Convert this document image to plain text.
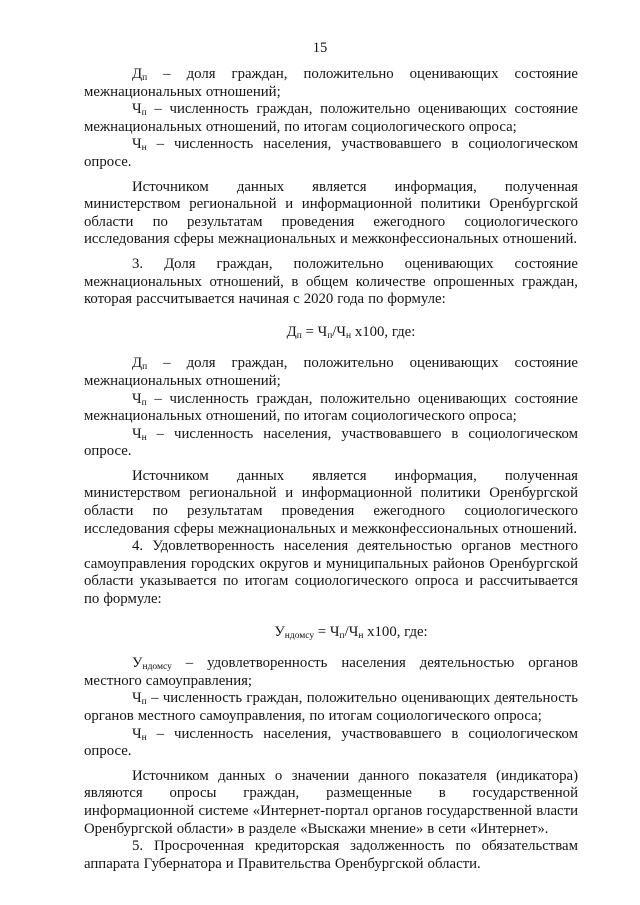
15

$Д_п$ – доля граждан, положительно оценивающих состояние межнациональных отношений;

$Ч_п$ – численность граждан, положительно оценивающих состояние межнациональных отношений, по итогам социологического опроса;

$Ч_н$ – численность населения, участвовавшего в социологическом опросе.

Источником данных является информация, полученная министерством региональной и информационной политики Оренбургской области по результатам проведения ежегодного социологического исследования сферы межнациональных и межконфессиональных отношений.

3. Доля граждан, положительно оценивающих состояние межнациональных отношений, в общем количестве опрошенных граждан, которая рассчитывается начиная с 2020 года по формуле:

$Д_п = Ч_п/Ч_н$ х100, где:

$Д_п$ – доля граждан, положительно оценивающих состояние межнациональных отношений;

$Ч_п$ – численность граждан, положительно оценивающих состояние межнациональных отношений, по итогам социологического опроса;

$Ч_н$ – численность населения, участвовавшего в социологическом опросе.

Источником данных является информация, полученная министерством региональной и информационной политики Оренбургской области по результатам проведения ежегодного социологического исследования сферы межнациональных и межконфессиональных отношений.

4. Удовлетворенность населения деятельностью органов местного самоуправления городских округов и муниципальных районов Оренбургской области указывается по итогам социологического опроса и рассчитывается по формуле:

$У_{ндомсу} = Ч_п/Ч_н$ х100, где:

$У_{ндомсу}$ – удовлетворенность населения деятельностью органов местного самоуправления;

$Ч_п$ – численность граждан, положительно оценивающих деятельность органов местного самоуправления, по итогам социологического опроса;

$Ч_н$ – численность населения, участвовавшего в социологическом опросе.

Источником данных о значении данного показателя (индикатора) являются опросы граждан, размещенные в государственной информационной системе «Интернет-портал органов государственной власти Оренбургской области» в разделе «Выскажи мнение» в сети «Интернет».

5. Просроченная кредиторская задолженность по обязательствам аппарата Губернатора и Правительства Оренбургской области.
